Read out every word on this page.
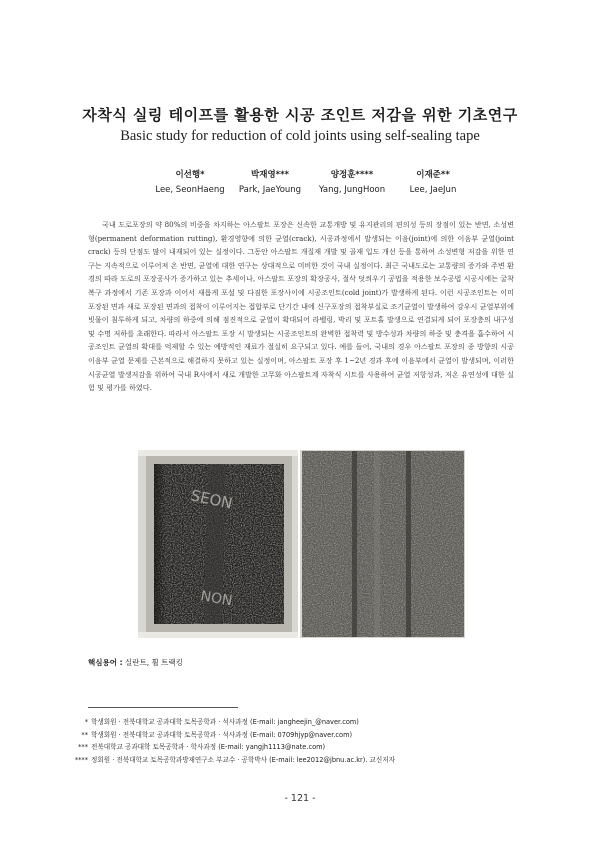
자착식 실링 테이프를 활용한 시공 조인트 저감을 위한 기초연구
Basic study for reduction of cold joints using self-sealing tape
이선행*
Lee, SeonHaeng
박재영***
Park, JaeYoung
양정훈****
Yang, JungHoon
이재준**
Lee, JaeJun

국내 도로포장의 약 80%의 비중을 차지하는 아스팔트 포장은 신속한 교통개방 및 유지관리의 편의성 등의 장점이 있는 반면, 소성변형(permanent deformation rutting), 환경영향에 의한 균열(crack), 시공과정에서 발생되는 이음(joint)에 의한 이음부 균열(joint crack) 등의 단점도 많이 내재되어 있는 실정이다. 그동안 아스팔트 개질재 개발 및 골재 입도 개선 등을 통하여 소성변형 저감을 위한 연구는 지속적으로 이루어져 온 반면, 균열에 대한 연구는 상대적으로 미비한 것이 국내 실정이다. 최근 국내도로는 교통량의 증가와 주변 환경의 따라 도로의 포장공사가 증가하고 있는 추세이나, 아스팔트 포장의 확장공사, 절삭 덧씌우기 공법을 적용한 보수공법 시공시에는 굴착 복구 과정에서 기존 포장과 이어서 새롭게 포설 및 다짐한 포장사이에 시공조인트(cold joint)가 발생하게 된다. 이런 시공조인트는 이미 포장된 면과 새로 포장된 면과의 접착이 이루어지는 접합부로 단기간 내에 신구포장의 접착부실로 조기균열이 발생하여 강우시 균열부위에 빗물이 침투하게 되고, 차량의 하중에 의해 점진적으로 균열이 확대되어 라벨링, 박리 및 포트홀 발생으로 연결되게 되어 포장층의 내구성 및 수명 저하를 초래한다. 따라서 아스팔트 포장 시 발생되는 시공조인트의 완벽한 접착력 및 방수성과 차량의 하중 및 충격을 흡수하여 시공조인트 균열의 확대를 억제할 수 있는 예방적인 재료가 절실히 요구되고 있다. 예를 들어, 국내의 경우 아스팔트 포장의 종 방향의 시공 이음부 균열 문제를 근본적으로 해결하지 못하고 있는 실정이며, 아스팔트 포장 후 1~2년 경과 후에 이음부에서 균열이 발생되며, 이러한 시공균열 발생저감을 위하여 국내 R사에서 새로 개발한 고무화 아스팔트계 자착식 시트를 사용하여 균열 저항성과, 저온 유연성에 대한 실험 및 평가를 하였다.

SEON
NON
핵심용어 : 실란트, 휠 트랙킹
* 학생회원 · 전북대학교 공과대학 토목공학과 · 석사과정 (E-mail: jangheejin_@naver.com)
** 학생회원 · 전북대학교 공과대학 토목공학과 · 석사과정 (E-mail: 0709hjyp@naver.com)
*** 전북대학교 공과대학 토목공학과 · 학사과정 (E-mail: yangjh1113@nate.com)
**** 정회원 · 전북대학교 토목공학과방재연구소 부교수 · 공학박사 (E-mail: lee2012@jbnu.ac.kr). 교신저자
- 121 -
